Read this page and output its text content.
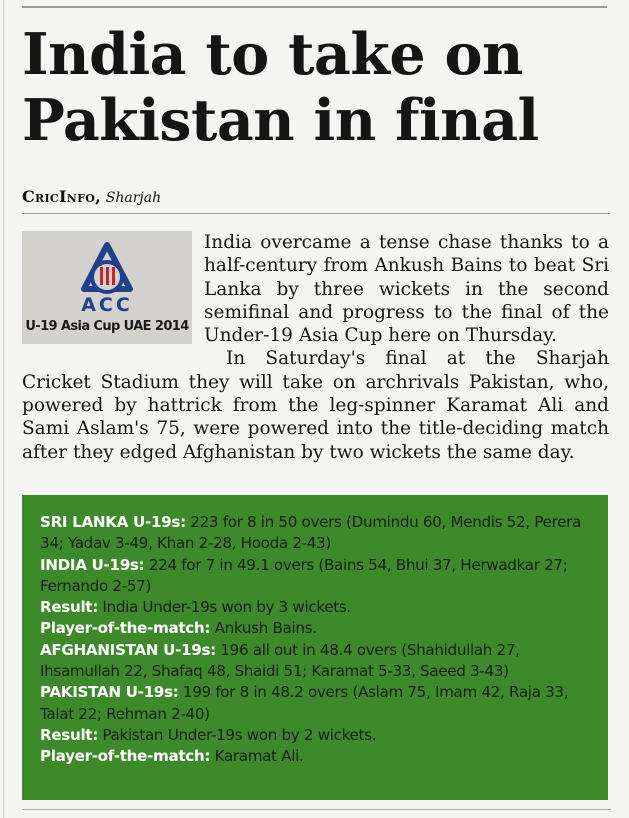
India to take on Pakistan in final
CricInfo, Sharjah

India overcame a tense chase thanks to a half-century from Ankush Bains to beat Sri Lanka by three wickets in the second semifinal and progress to the final of the Under-19 Asia Cup here on Thursday.

In Saturday's final at the Sharjah Cricket Stadium they will take on archrivals Pakistan, who, powered by hattrick from the leg-spinner Karamat Ali and Sami Aslam's 75, were powered into the title-deciding match after they edged Afghanistan by two wickets the same day.

ACC
U-19 Asia Cup UAE 2014

SRI LANKA U-19s: 223 for 8 in 50 overs (Dumindu 60, Mendis 52, Perera 34; Yadav 3-49, Khan 2-28, Hooda 2-43)

INDIA U-19s: 224 for 7 in 49.1 overs (Bains 54, Bhui 37, Herwadkar 27; Fernando 2-57)

Result: India Under-19s won by 3 wickets.

Player-of-the-match: Ankush Bains.

AFGHANISTAN U-19s: 196 all out in 48.4 overs (Shahidullah 27, Ihsamullah 22, Shafaq 48, Shaidi 51; Karamat 5-33, Saeed 3-43)

PAKISTAN U-19s: 199 for 8 in 48.2 overs (Aslam 75, Imam 42, Raja 33, Talat 22; Rehman 2-40)

Result: Pakistan Under-19s won by 2 wickets.

Player-of-the-match: Karamat Ali.
